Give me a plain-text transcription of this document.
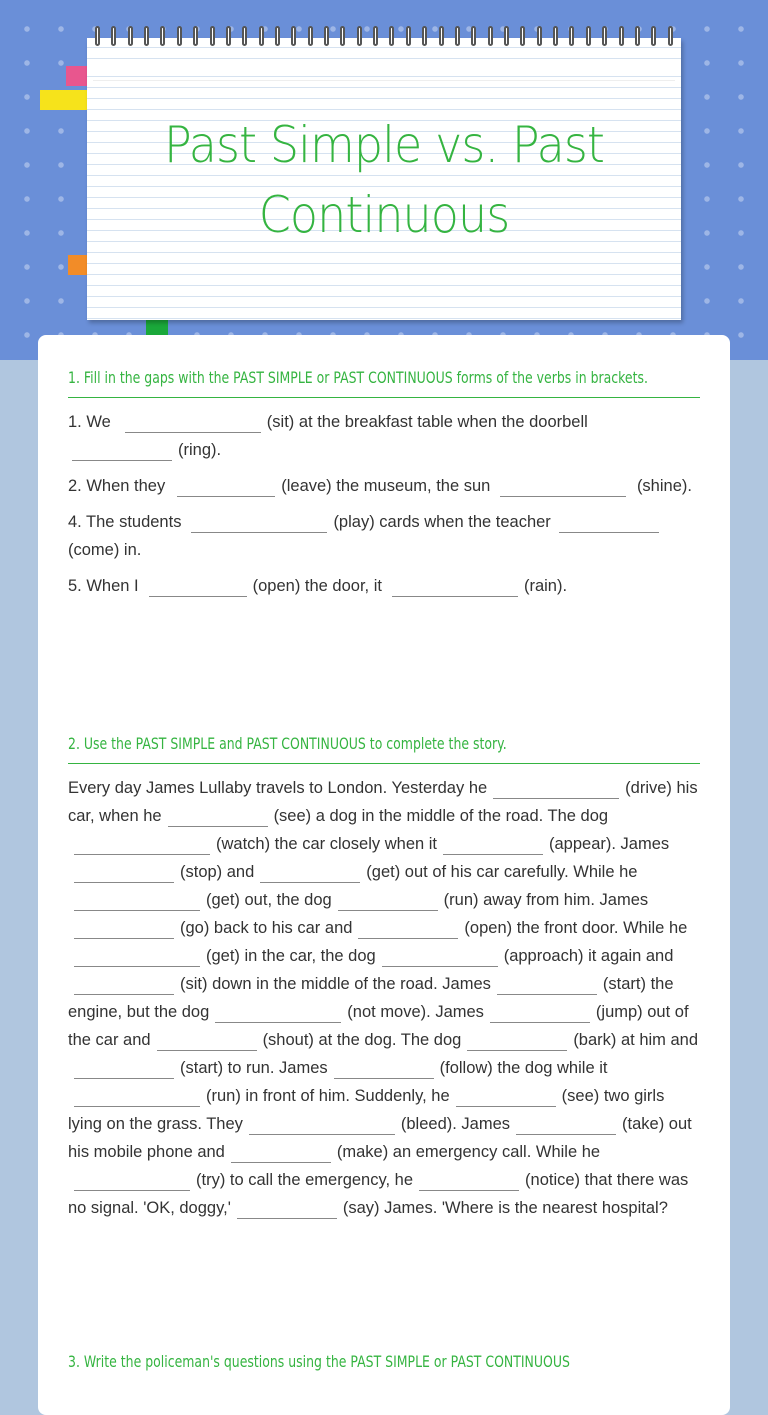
Past Simple vs. Past Continuous
1. Fill in the gaps with the PAST SIMPLE or PAST CONTINUOUS forms of the verbs in brackets.
1. We	(sit) at the breakfast table when the doorbell (ring).
2. When they	(leave) the museum, the sun	(shine).
4. The students	(play) cards when the teacher (come) in.
5. When I	(open) the door, it	(rain).
2. Use the PAST SIMPLE and PAST CONTINUOUS to complete the story.
Every day James Lullaby travels to London. Yesterday he	(drive) his car, when he	(see) a dog in the middle of the road. The dog(watch) the car closely when it	(appear). James(stop) and	(get) out of his car carefully. While he(get) out, the dog	(run) away from him. James(go) back to his car and	(open) the front door. While he(get) in the car, the dog	(approach) it again and(sit) down in the middle of the road. James	(start) the engine, but the dog	(not move). James	(jump) out of the car and	(shout) at the dog. The dog	(bark) at him and(start) to run. James	(follow) the dog while it(run) in front of him. Suddenly, he	(see) two girls lying on the grass. They	(bleed). James	(take) out his mobile phone and	(make) an emergency call. While he(try) to call the emergency, he	(notice) that there was no signal. 'OK, doggy,'	(say) James. 'Where is the nearest hospital?
3. Write the policeman's questions using the PAST SIMPLE or PAST CONTINUOUS
